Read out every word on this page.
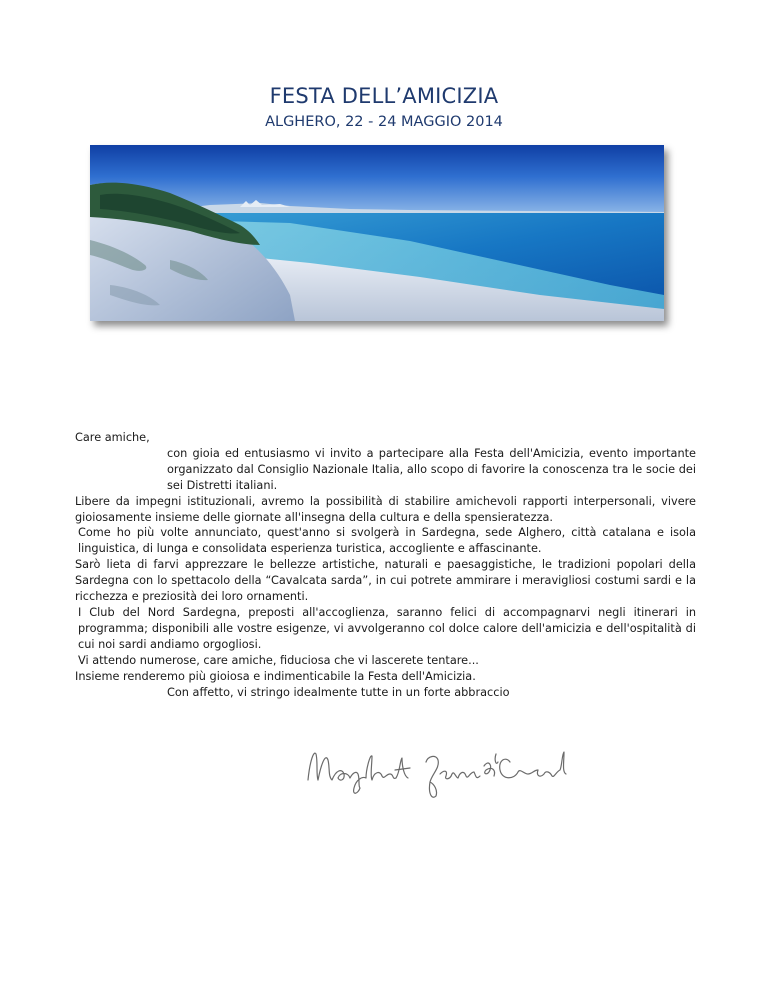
FESTA DELL’AMICIZIA
ALGHERO, 22 - 24 MAGGIO 2014

Care amiche,

con gioia ed entusiasmo vi invito a partecipare alla Festa dell'Amicizia, evento importante organizzato dal Consiglio Nazionale Italia, allo scopo di favorire la conoscenza tra le socie dei sei Distretti italiani.

Libere da impegni istituzionali, avremo la possibilità di stabilire amichevoli rapporti interpersonali, vivere gioiosamente insieme delle giornate all'insegna della cultura e della spensieratezza.

Come ho più volte annunciato, quest'anno si svolgerà in Sardegna, sede Alghero, città catalana e isola linguistica, di lunga e consolidata esperienza turistica, accogliente e affascinante.

Sarò lieta di farvi apprezzare le bellezze artistiche, naturali e paesaggistiche, le tradizioni popolari della Sardegna con lo spettacolo della “Cavalcata sarda”, in cui potrete ammirare i meravigliosi costumi sardi e la ricchezza e preziosità dei loro ornamenti.

I Club del Nord Sardegna, preposti all'accoglienza, saranno felici di accompagnarvi negli itinerari in programma; disponibili alle vostre esigenze, vi avvolgeranno col dolce calore dell'amicizia e dell'ospitalità di cui noi sardi andiamo orgogliosi.

Vi attendo numerose, care amiche, fiduciosa che vi lascerete tentare...

Insieme renderemo più gioiosa e indimenticabile la Festa dell'Amicizia.

Con affetto, vi stringo idealmente tutte in un forte abbraccio
